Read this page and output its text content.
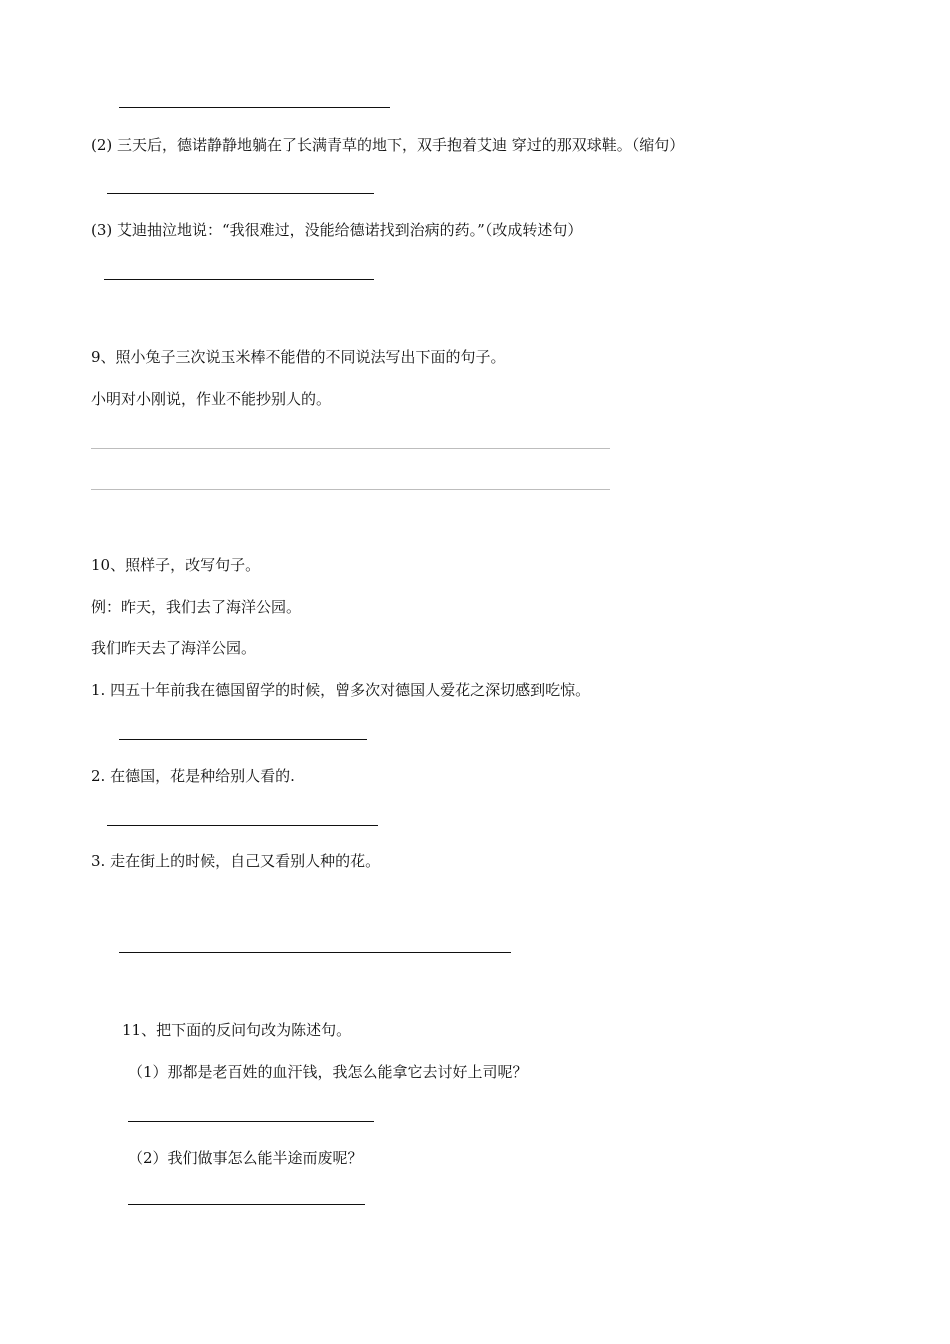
(2) 三天后，德诺静静地躺在了长满青草的地下，双手抱着艾迪 穿过的那双球鞋。（缩句）
(3) 艾迪抽泣地说：“我很难过，没能给德诺找到治病的药。”（改成转述句）
9、照小兔子三次说玉米棒不能借的不同说法写出下面的句子。
小明对小刚说，作业不能抄别人的。
10、照样子，改写句子。
例：昨天，我们去了海洋公园。
我们昨天去了海洋公园。
1. 四五十年前我在德国留学的时候，曾多次对德国人爱花之深切感到吃惊。
2. 在德国，花是种给别人看的.
3. 走在街上的时候，自己又看别人种的花。
11、把下面的反问句改为陈述句。
（1）那都是老百姓的血汗钱，我怎么能拿它去讨好上司呢？
（2）我们做事怎么能半途而废呢？
